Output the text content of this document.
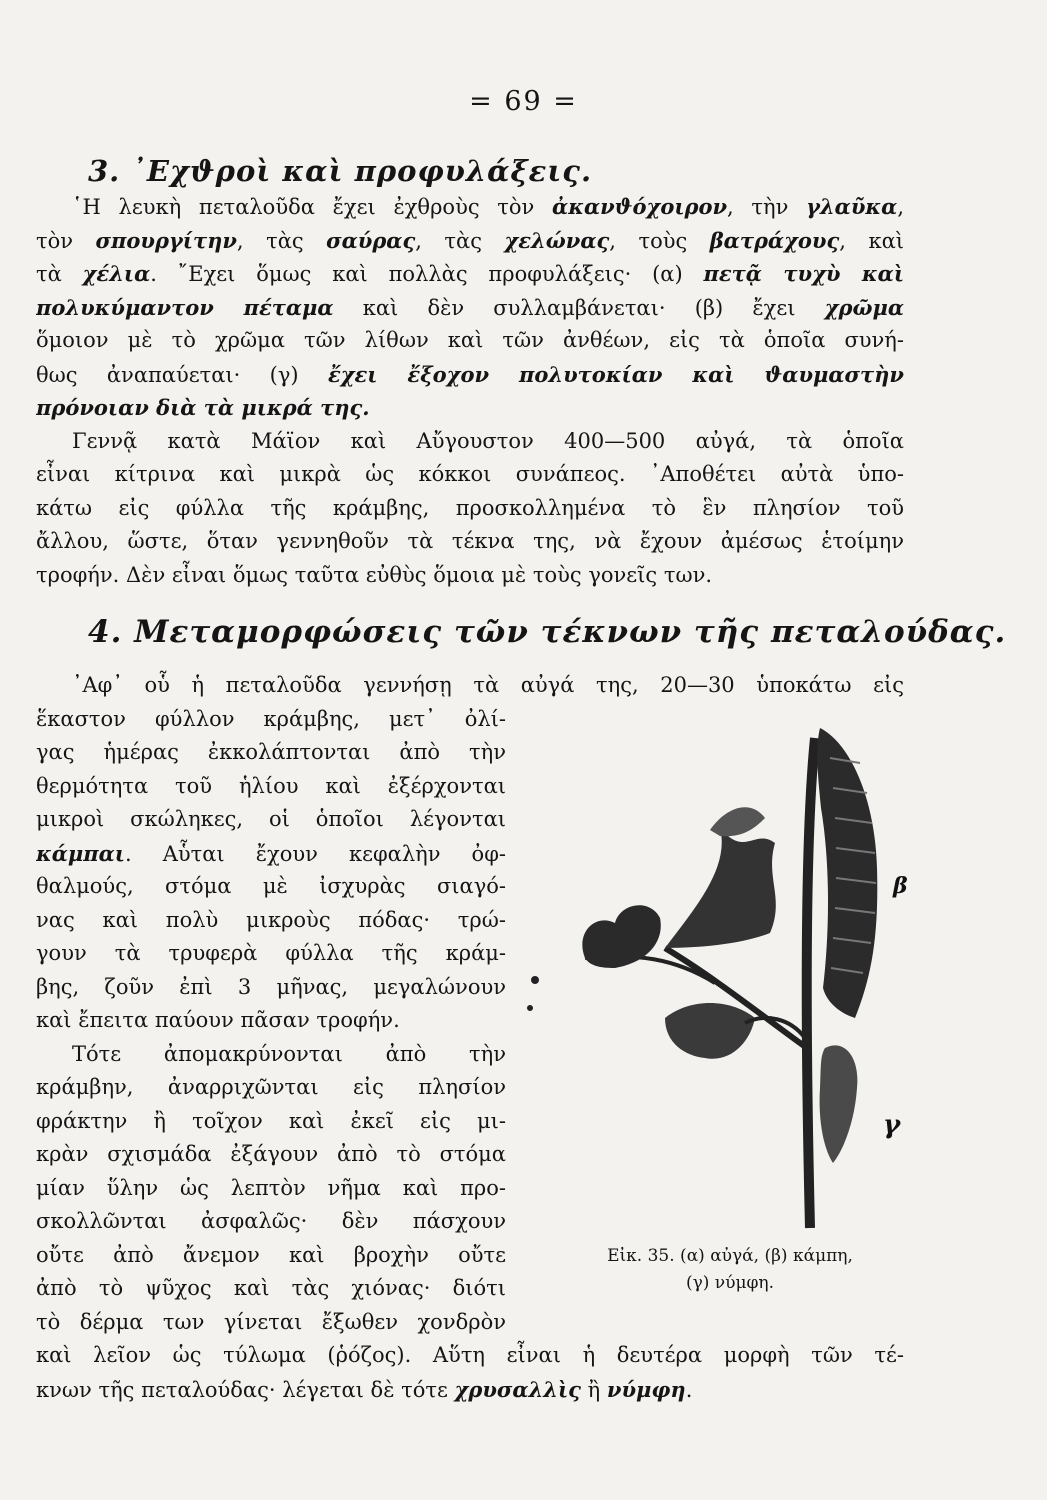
= 69 =
3. ᾿Εχϑροὶ καὶ προφυλάξεις.

῾Η λευκὴ πεταλοῦδα ἔχει ἐχθροὺς τὸν ἀκανϑόχοιρον, τὴν γλαῦκα,

τὸν σπουργίτην, τὰς σαύρας, τὰς χελώνας, τοὺς βατράχους, καὶ

τὰ χέλια. ῎Εχει ὅμως καὶ πολλὰς προφυλάξεις· (α) πετᾷ τυχὺ καὶ

πολυκύμαντον πέταμα καὶ δὲν συλλαμβάνεται· (β) ἔχει χρῶμα

ὅμοιον μὲ τὸ χρῶμα τῶν λίθων καὶ τῶν ἀνθέων, εἰς τὰ ὁποῖα συνή-

θως ἀναπαύεται· (γ) ἔχει ἔξοχον πολυτοκίαν καὶ ϑαυμαστὴν

πρόνοιαν διὰ τὰ μικρά της.

Γεννᾷ κατὰ Μάϊον καὶ Αὔγουστον 400—500 αὐγά, τὰ ὁποῖα

εἶναι κίτρινα καὶ μικρὰ ὡς κόκκοι συνάπεος. ᾿Αποθέτει αὐτὰ ὑπο-

κάτω εἰς φύλλα τῆς κράμβης, προσκολλημένα τὸ ἓν πλησίον τοῦ

ἄλλου, ὥστε, ὅταν γεννηθοῦν τὰ τέκνα της, νὰ ἔχουν ἀμέσως ἑτοίμην

τροφήν. Δὲν εἶναι ὅμως ταῦτα εὐθὺς ὅμοια μὲ τοὺς γονεῖς των.

4. Μεταμορφώσεις τῶν τέκνων τῆς πεταλούδας.

᾿Αφ᾿ οὗ ἡ πεταλοῦδα γεννήσῃ τὰ αὐγά της, 20—30 ὑποκάτω εἰς

ἕκαστον φύλλον κράμβης, μετ᾿ ὀλί-

γας ἡμέρας ἐκκολάπτονται ἀπὸ τὴν

θερμότητα τοῦ ἡλίου καὶ ἐξέρχονται

μικροὶ σκώληκες, οἱ ὁποῖοι λέγονται

κάμπαι. Αὗται ἔχουν κεφαλὴν ὀφ-

θαλμούς, στόμα μὲ ἰσχυρὰς σιαγό-

νας καὶ πολὺ μικροὺς πόδας· τρώ-

γουν τὰ τρυφερὰ φύλλα τῆς κράμ-

βης, ζοῦν ἐπὶ 3 μῆνας, μεγαλώνουν

καὶ ἔπειτα παύουν πᾶσαν τροφήν.

Τότε ἀπομακρύνονται ἀπὸ τὴν

κράμβην, ἀναρριχῶνται εἰς πλησίον

φράκτην ἢ τοῖχον καὶ ἐκεῖ εἰς μι-

κρὰν σχισμάδα ἐξάγουν ἀπὸ τὸ στόμα

μίαν ὕλην ὡς λεπτὸν νῆμα καὶ προ-

σκολλῶνται ἀσφαλῶς· δὲν πάσχουν

οὔτε ἀπὸ ἄνεμον καὶ βροχὴν οὔτε

ἀπὸ τὸ ψῦχος καὶ τὰς χιόνας· διότι

τὸ δέρμα των γίνεται ἔξωθεν χονδρὸν

καὶ λεῖον ὡς τύλωμα (ῥόζος). Αὕτη εἶναι ἡ δευτέρα μορφὴ τῶν τέ-

κνων τῆς πεταλούδας· λέγεται δὲ τότε χρυσαλλὶς ἢ νύμφη.

β
γ
Εἰκ. 35. (α) αὐγά, (β) κάμπη,
(γ) νύμφη.
